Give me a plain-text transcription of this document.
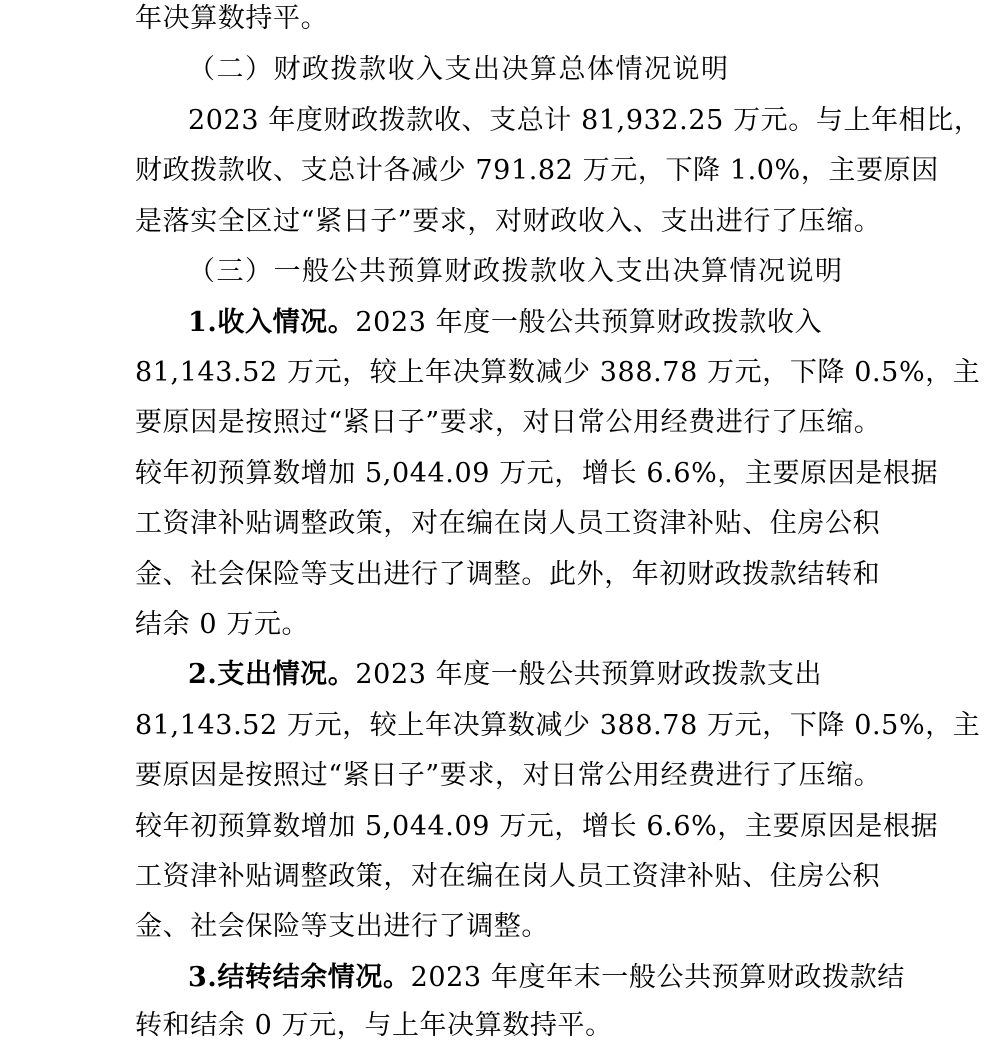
年决算数持平。
（二）财政拨款收入支出决算总体情况说明
2023 年度财政拨款收、支总计 81,932.25 万元。与上年相比，
财政拨款收、支总计各减少 791.82 万元，下降 1.0%，主要原因
是落实全区过“紧日子”要求，对财政收入、支出进行了压缩。
（三）一般公共预算财政拨款收入支出决算情况说明
1.收入情况。2023 年度一般公共预算财政拨款收入
81,143.52 万元，较上年决算数减少 388.78 万元，下降 0.5%，主
要原因是按照过“紧日子”要求，对日常公用经费进行了压缩。
较年初预算数增加 5,044.09 万元，增长 6.6%，主要原因是根据
工资津补贴调整政策，对在编在岗人员工资津补贴、住房公积
金、社会保险等支出进行了调整。此外，年初财政拨款结转和
结余 0 万元。
2.支出情况。2023 年度一般公共预算财政拨款支出
81,143.52 万元，较上年决算数减少 388.78 万元，下降 0.5%，主
要原因是按照过“紧日子”要求，对日常公用经费进行了压缩。
较年初预算数增加 5,044.09 万元，增长 6.6%，主要原因是根据
工资津补贴调整政策，对在编在岗人员工资津补贴、住房公积
金、社会保险等支出进行了调整。
3.结转结余情况。2023 年度年末一般公共预算财政拨款结
转和结余 0 万元，与上年决算数持平。
